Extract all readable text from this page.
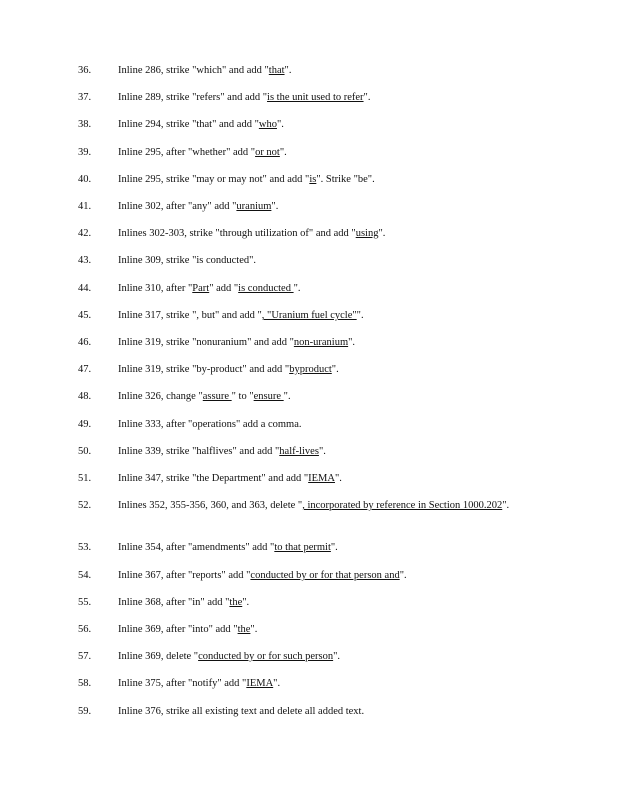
36.	Inline 286, strike "which" and add "that".
37.	Inline 289, strike "refers" and add "is the unit used to refer".
38.	Inline 294, strike "that" and add "who".
39.	Inline 295, after "whether" add "or not".
40.	Inline 295, strike "may or may not" and add "is". Strike "be".
41.	Inline 302, after "any" add "uranium".
42.	Inlines 302-303, strike "through utilization of" and add "using".
43.	Inline 309, strike "is conducted".
44.	Inline 310, after "Part" add "is conducted ".
45.	Inline 317, strike ", but" and add ", "Uranium fuel cycle"".
46.	Inline 319, strike "nonuranium" and add "non-uranium".
47.	Inline 319, strike "by-product" and add "byproduct".
48.	Inline 326, change "assure " to "ensure ".
49.	Inline 333, after "operations" add a comma.
50.	Inline 339, strike "halflives" and add "half-lives".
51.	Inline 347, strike "the Department" and add "IEMA".
52.	Inlines 352, 355-356, 360, and 363, delete ", incorporated by reference in Section 1000.202".
53.	Inline 354, after "amendments" add "to that permit".
54.	Inline 367, after "reports" add "conducted by or for that person and".
55.	Inline 368, after "in" add "the".
56.	Inline 369, after "into" add "the".
57.	Inline 369, delete "conducted by or for such person".
58.	Inline 375, after "notify" add "IEMA".
59.	Inline 376, strike all existing text and delete all added text.
